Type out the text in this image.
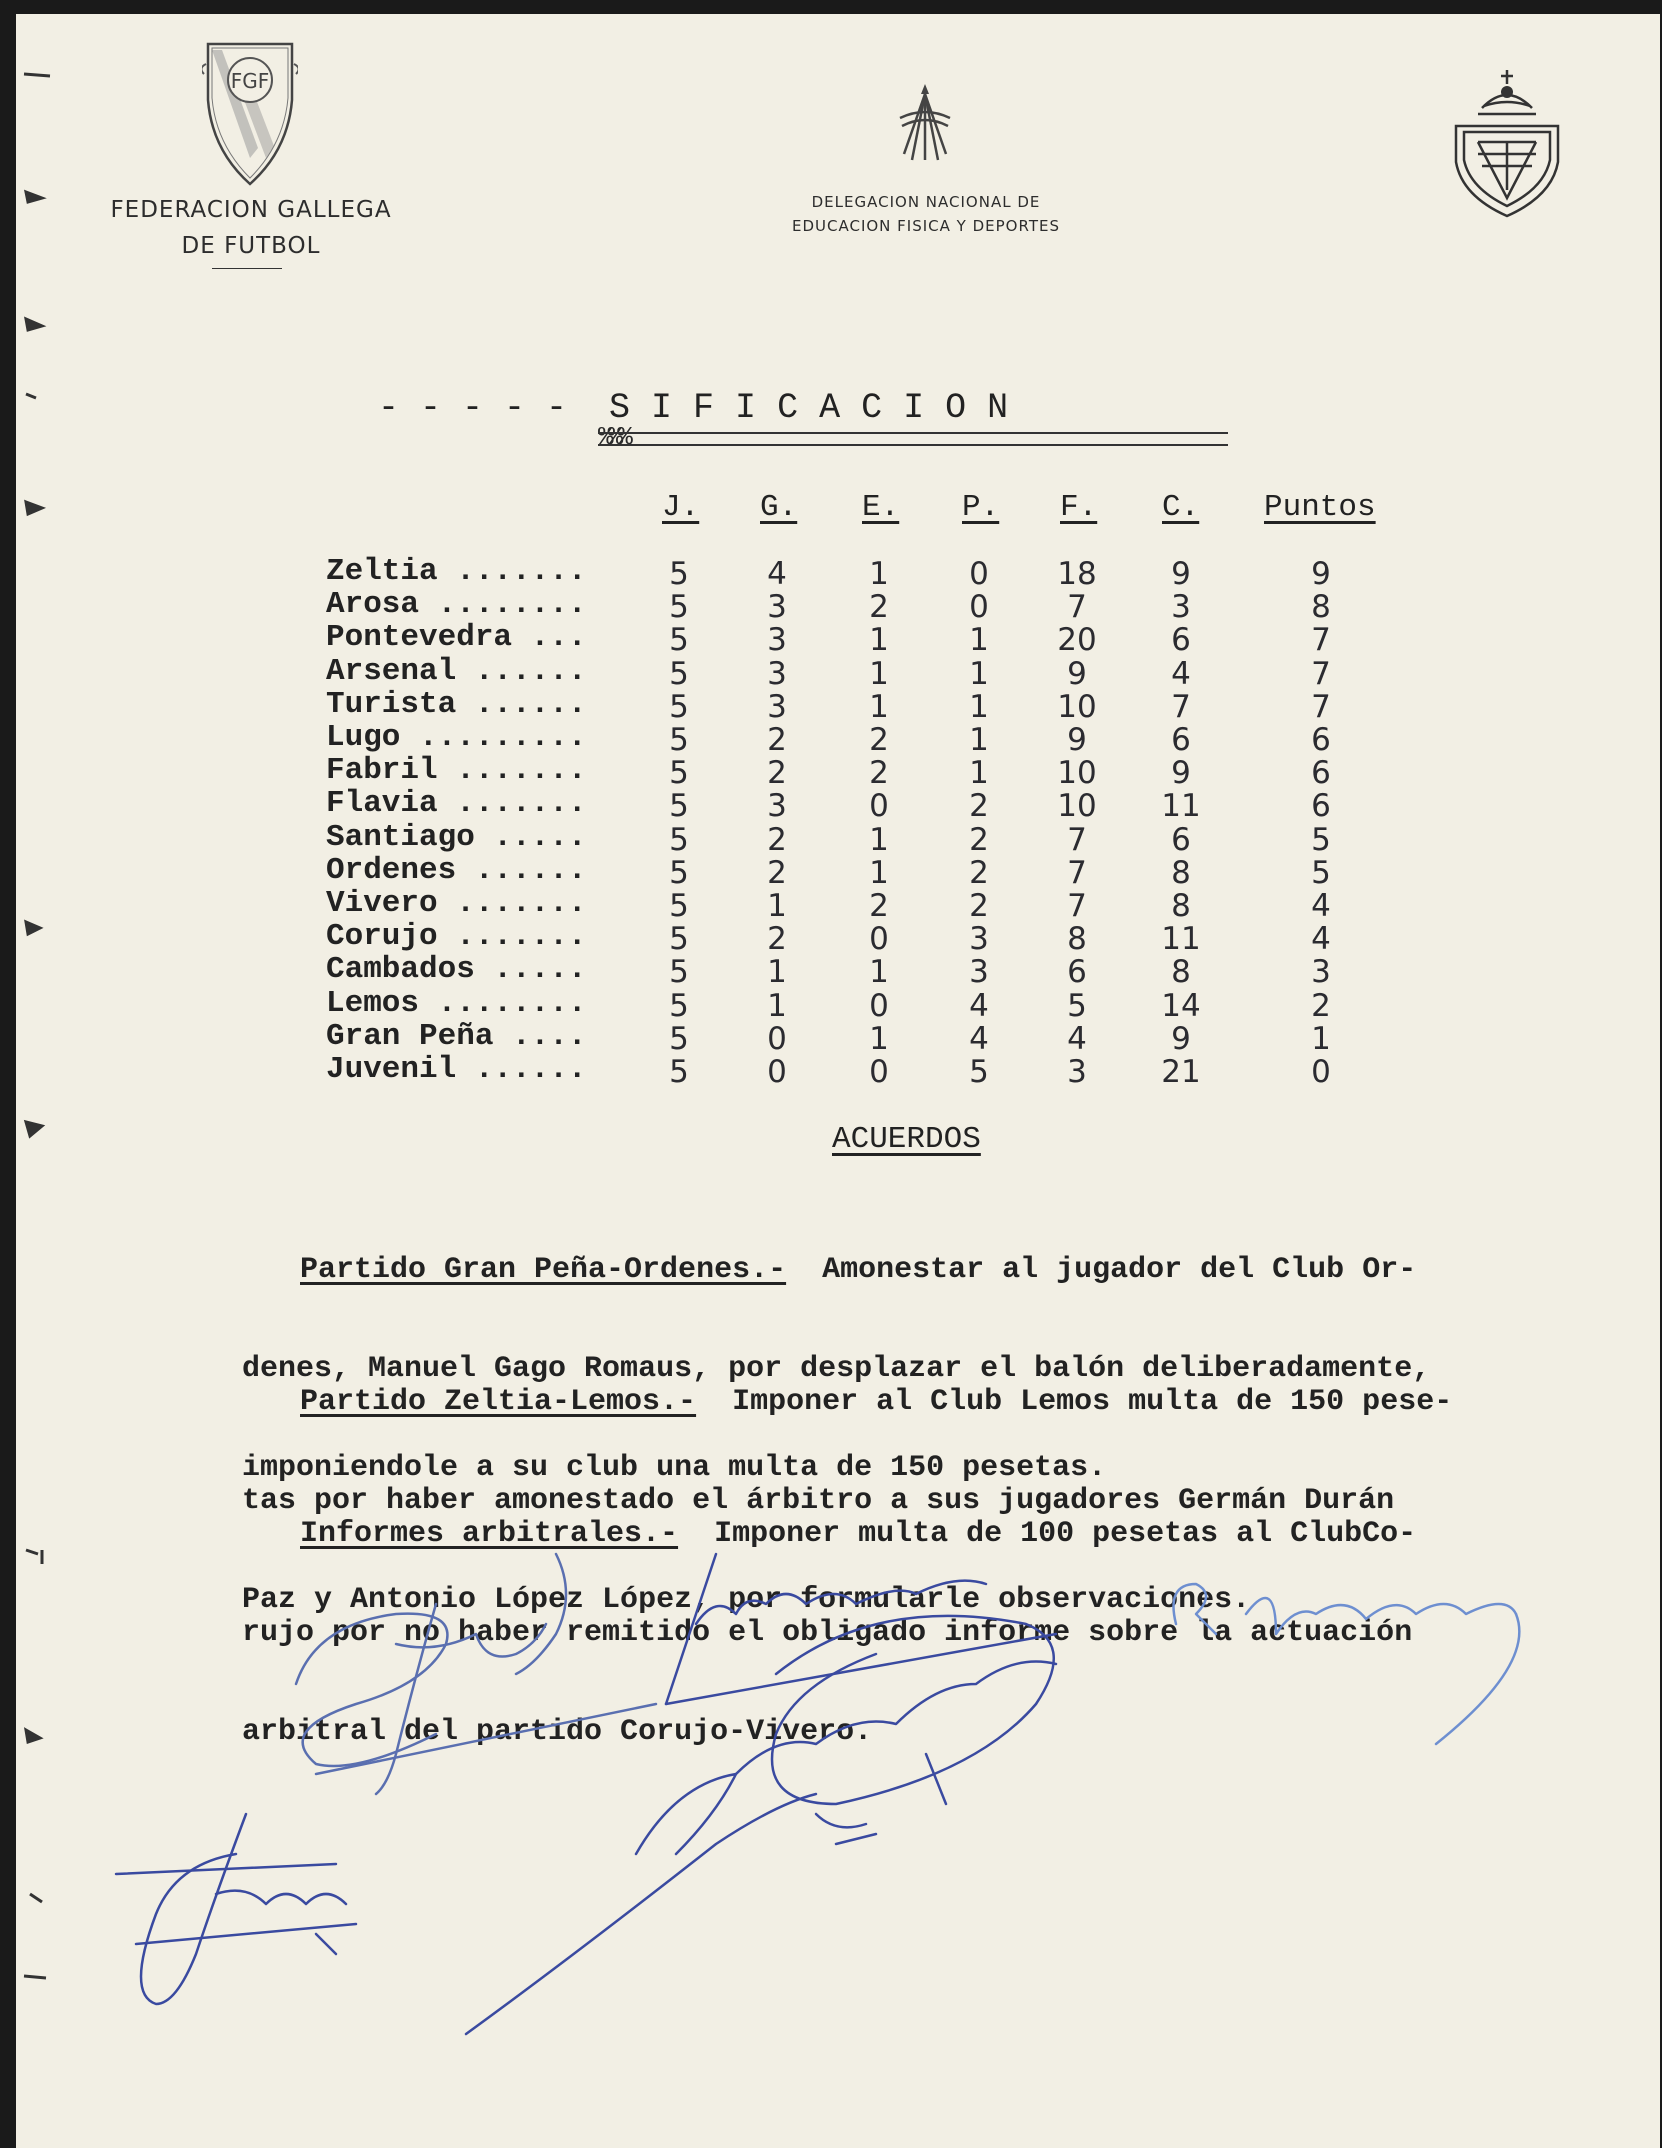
FGF
FEDERACION GALLEGA
DE FUTBOL
DELEGACION NACIONAL DE
EDUCACION FISICA Y DEPORTES
- - - - -  S I F I C A C I O N
%%%
J. G. E. P. F. C. Puntos
Zeltia .......	5	4	1	0	18	9	9
Arosa ........	5	3	2	0	7	3	8
Pontevedra ...	5	3	1	1	20	6	7
Arsenal ......	5	3	1	1	9	4	7
Turista ......	5	3	1	1	10	7	7
Lugo .........	5	2	2	1	9	6	6
Fabril .......	5	2	2	1	10	9	6
Flavia .......	5	3	0	2	10	11	6
Santiago .....	5	2	1	2	7	6	5
Ordenes ......	5	2	1	2	7	8	5
Vivero .......	5	1	2	2	7	8	4
Corujo .......	5	2	0	3	8	11	4
Cambados .....	5	1	1	3	6	8	3
Lemos ........	5	1	0	4	5	14	2
Gran Peña ....	5	0	1	4	4	9	1
Juvenil ......	5	0	0	5	3	21	0
ACUERDOS

Partido Gran Peña-Ordenes.-  Amonestar al jugador del Club Or-

denes, Manuel Gago Romaus, por desplazar el balón deliberadamente,

imponiendole a su club una multa de 150 pesetas.

Partido Zeltia-Lemos.-  Imponer al Club Lemos multa de 150 pese-

tas por haber amonestado el árbitro a sus jugadores Germán Durán

Paz y Antonio López López, por formularle observaciones.

Informes arbitrales.-  Imponer multa de 100 pesetas al ClubCo-

rujo por no haber remitido el obligado informe sobre la actuación

arbitral del partido Corujo-Vivero.
